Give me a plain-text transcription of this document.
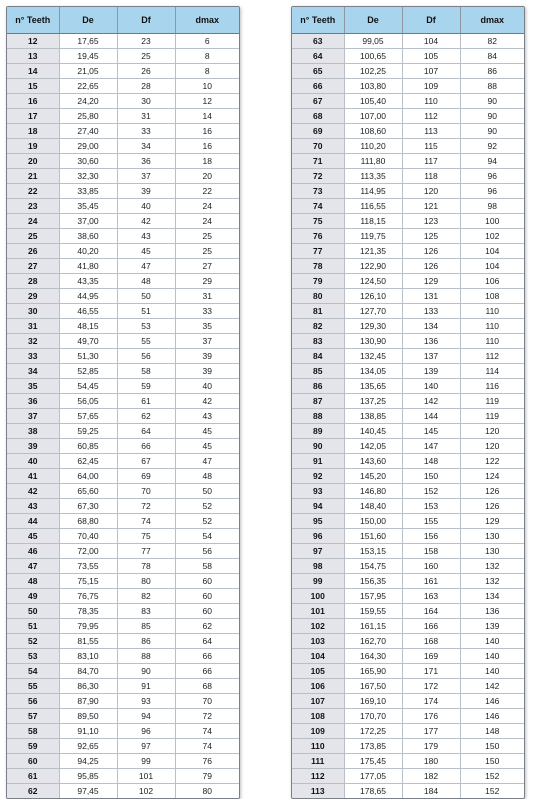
n° Teeth	De	Df	dmax
12	17,65	23	6
13	19,45	25	8
14	21,05	26	8
15	22,65	28	10
16	24,20	30	12
17	25,80	31	14
18	27,40	33	16
19	29,00	34	16
20	30,60	36	18
21	32,30	37	20
22	33,85	39	22
23	35,45	40	24
24	37,00	42	24
25	38,60	43	25
26	40,20	45	25
27	41,80	47	27
28	43,35	48	29
29	44,95	50	31
30	46,55	51	33
31	48,15	53	35
32	49,70	55	37
33	51,30	56	39
34	52,85	58	39
35	54,45	59	40
36	56,05	61	42
37	57,65	62	43
38	59,25	64	45
39	60,85	66	45
40	62,45	67	47
41	64,00	69	48
42	65,60	70	50
43	67,30	72	52
44	68,80	74	52
45	70,40	75	54
46	72,00	77	56
47	73,55	78	58
48	75,15	80	60
49	76,75	82	60
50	78,35	83	60
51	79,95	85	62
52	81,55	86	64
53	83,10	88	66
54	84,70	90	66
55	86,30	91	68
56	87,90	93	70
57	89,50	94	72
58	91,10	96	74
59	92,65	97	74
60	94,25	99	76
61	95,85	101	79
62	97,45	102	80
n° Teeth	De	Df	dmax
63	99,05	104	82
64	100,65	105	84
65	102,25	107	86
66	103,80	109	88
67	105,40	110	90
68	107,00	112	90
69	108,60	113	90
70	110,20	115	92
71	111,80	117	94
72	113,35	118	96
73	114,95	120	96
74	116,55	121	98
75	118,15	123	100
76	119,75	125	102
77	121,35	126	104
78	122,90	126	104
79	124,50	129	106
80	126,10	131	108
81	127,70	133	110
82	129,30	134	110
83	130,90	136	110
84	132,45	137	112
85	134,05	139	114
86	135,65	140	116
87	137,25	142	119
88	138,85	144	119
89	140,45	145	120
90	142,05	147	120
91	143,60	148	122
92	145,20	150	124
93	146,80	152	126
94	148,40	153	126
95	150,00	155	129
96	151,60	156	130
97	153,15	158	130
98	154,75	160	132
99	156,35	161	132
100	157,95	163	134
101	159,55	164	136
102	161,15	166	139
103	162,70	168	140
104	164,30	169	140
105	165,90	171	140
106	167,50	172	142
107	169,10	174	146
108	170,70	176	146
109	172,25	177	148
110	173,85	179	150
111	175,45	180	150
112	177,05	182	152
113	178,65	184	152
